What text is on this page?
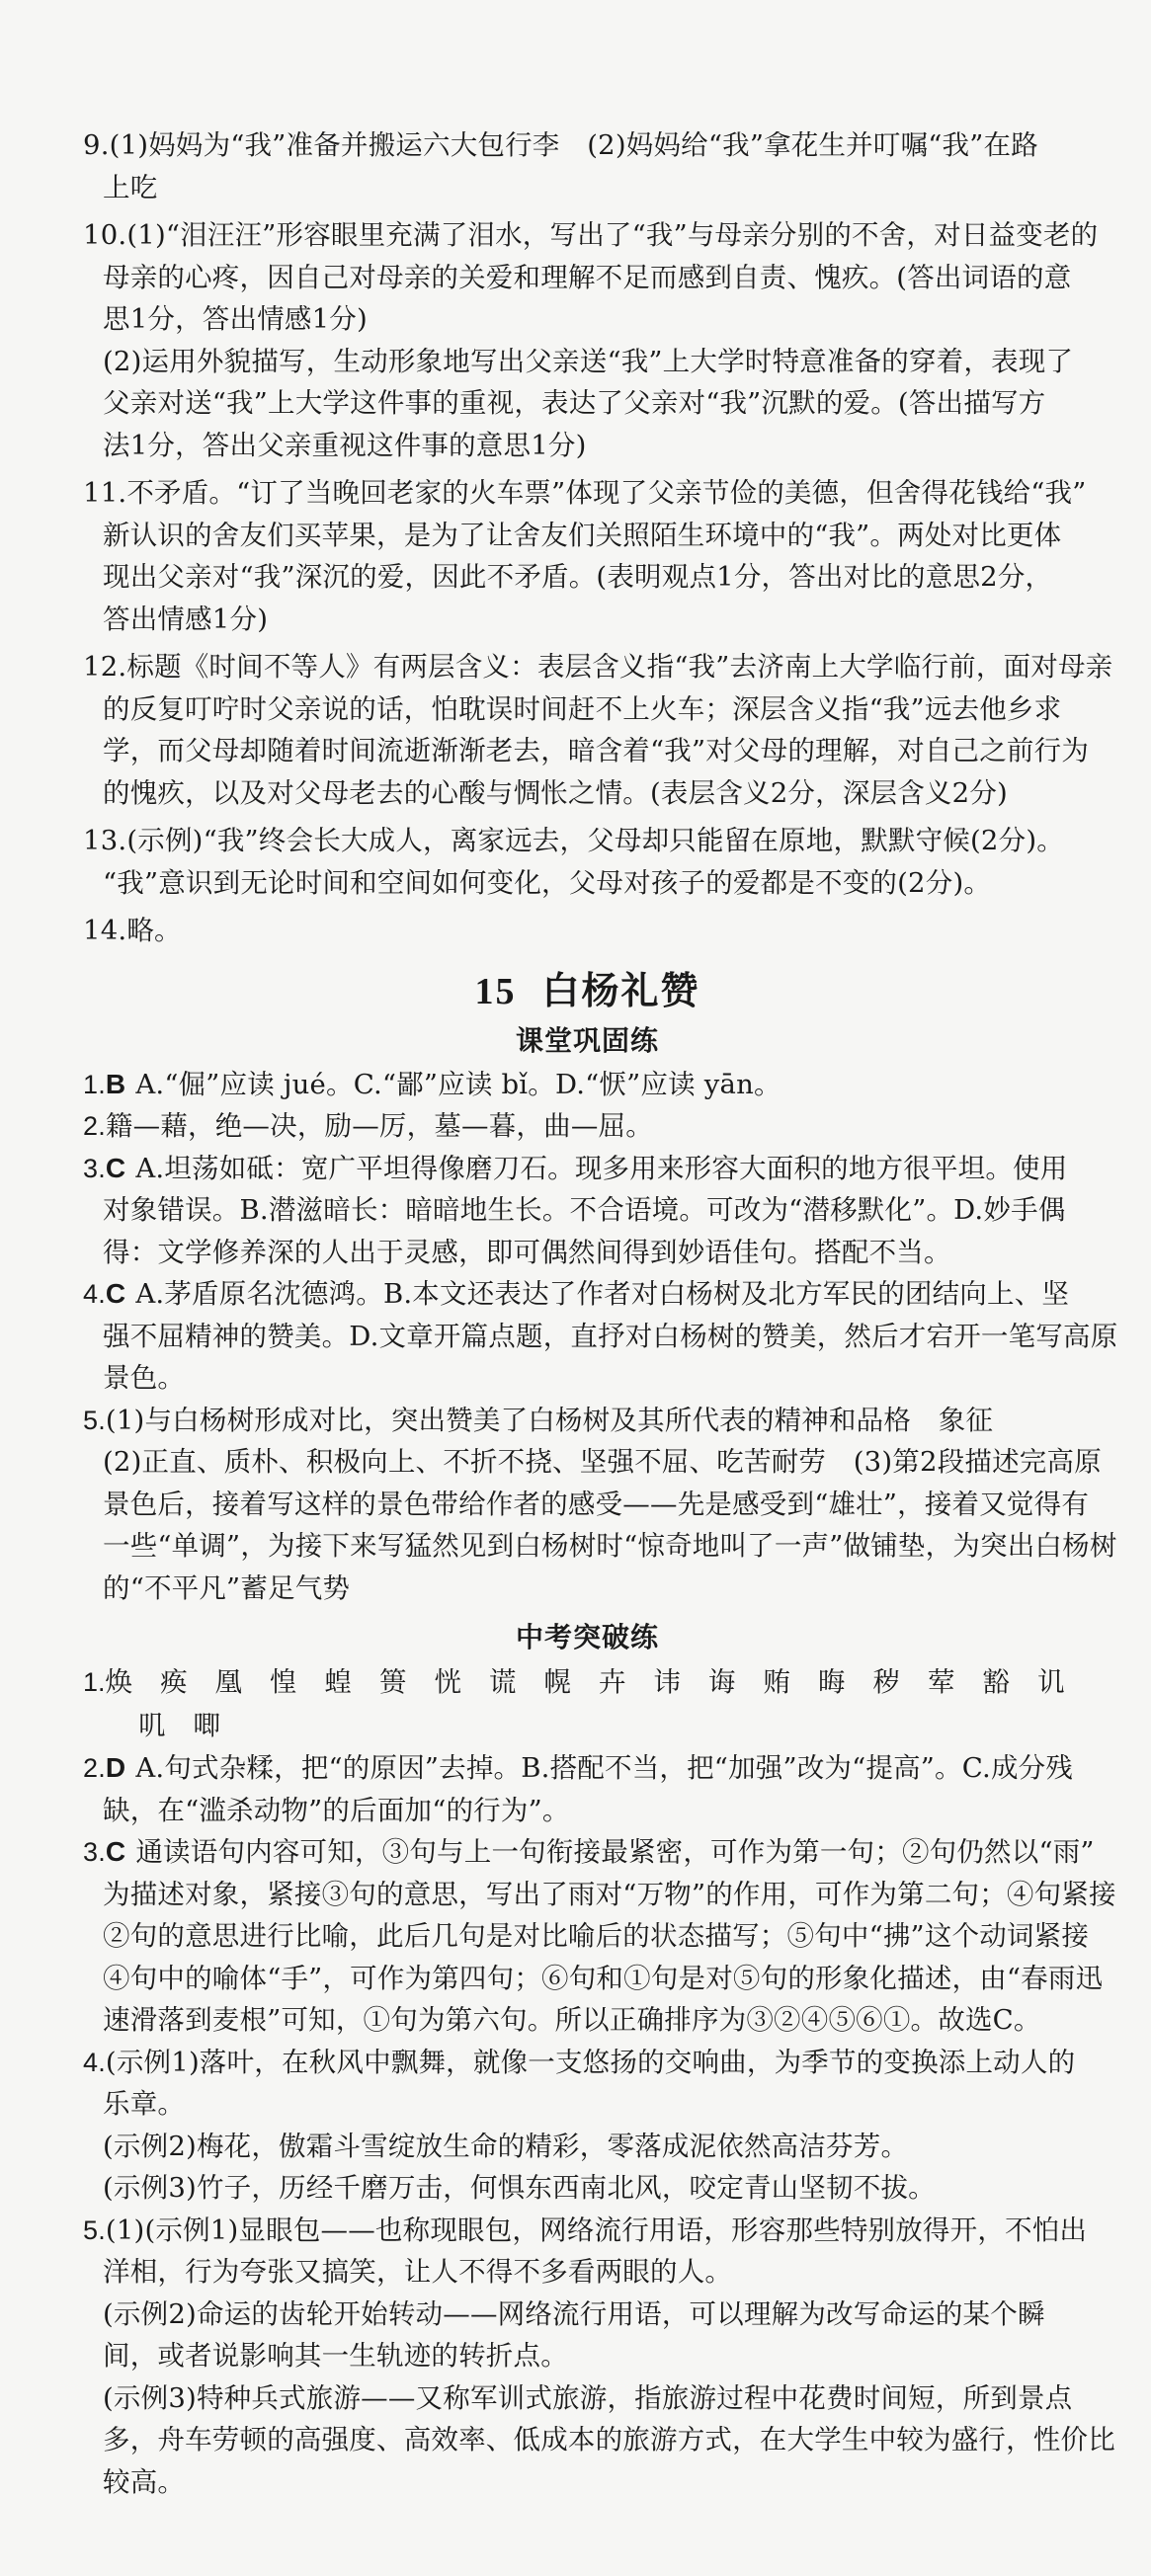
9.(1)妈妈为“我”准备并搬运六大包行李　(2)妈妈给“我”拿花生并叮嘱“我”在路
上吃
10.(1)“泪汪汪”形容眼里充满了泪水，写出了“我”与母亲分别的不舍，对日益变老的
母亲的心疼，因自己对母亲的关爱和理解不足而感到自责、愧疚。(答出词语的意
思1分，答出情感1分)
(2)运用外貌描写，生动形象地写出父亲送“我”上大学时特意准备的穿着，表现了
父亲对送“我”上大学这件事的重视，表达了父亲对“我”沉默的爱。(答出描写方
法1分，答出父亲重视这件事的意思1分)
11.不矛盾。“订了当晚回老家的火车票”体现了父亲节俭的美德，但舍得花钱给“我”
新认识的舍友们买苹果，是为了让舍友们关照陌生环境中的“我”。两处对比更体
现出父亲对“我”深沉的爱，因此不矛盾。(表明观点1分，答出对比的意思2分，
答出情感1分)
12.标题《时间不等人》有两层含义：表层含义指“我”去济南上大学临行前，面对母亲
的反复叮咛时父亲说的话，怕耽误时间赶不上火车；深层含义指“我”远去他乡求
学，而父母却随着时间流逝渐渐老去，暗含着“我”对父母的理解，对自己之前行为
的愧疚，以及对父母老去的心酸与惆怅之情。(表层含义2分，深层含义2分)
13.(示例)“我”终会长大成人，离家远去，父母却只能留在原地，默默守候(2分)。
“我”意识到无论时间和空间如何变化，父母对孩子的爱都是不变的(2分)。
14.略。
15 白杨礼赞
课堂巩固练
1.B A.“倔”应读 jué。C.“鄙”应读 bǐ。D.“恹”应读 yān。
2.籍—藉，绝—决，励—厉，墓—暮，曲—屈。
3.C A.坦荡如砥：宽广平坦得像磨刀石。现多用来形容大面积的地方很平坦。使用
对象错误。B.潜滋暗长：暗暗地生长。不合语境。可改为“潜移默化”。D.妙手偶
得：文学修养深的人出于灵感，即可偶然间得到妙语佳句。搭配不当。
4.C A.茅盾原名沈德鸿。B.本文还表达了作者对白杨树及北方军民的团结向上、坚
强不屈精神的赞美。D.文章开篇点题，直抒对白杨树的赞美，然后才宕开一笔写高原
景色。
5.(1)与白杨树形成对比，突出赞美了白杨树及其所代表的精神和品格　象征
(2)正直、质朴、积极向上、不折不挠、坚强不屈、吃苦耐劳　(3)第2段描述完高原
景色后，接着写这样的景色带给作者的感受——先是感受到“雄壮”，接着又觉得有
一些“单调”，为接下来写猛然见到白杨树时“惊奇地叫了一声”做铺垫，为突出白杨树
的“不平凡”蓄足气势
中考突破练
1.焕 痪 凰 惶 蝗 篑 恍 谎 幌 卉 讳 诲 贿 晦 秽 荤 豁 讥
叽 唧
2.D A.句式杂糅，把“的原因”去掉。B.搭配不当，把“加强”改为“提高”。C.成分残
缺，在“滥杀动物”的后面加“的行为”。
3.C 通读语句内容可知，③句与上一句衔接最紧密，可作为第一句；②句仍然以“雨”
为描述对象，紧接③句的意思，写出了雨对“万物”的作用，可作为第二句；④句紧接
②句的意思进行比喻，此后几句是对比喻后的状态描写；⑤句中“拂”这个动词紧接
④句中的喻体“手”，可作为第四句；⑥句和①句是对⑤句的形象化描述，由“春雨迅
速滑落到麦根”可知，①句为第六句。所以正确排序为③②④⑤⑥①。故选C。
4.(示例1)落叶，在秋风中飘舞，就像一支悠扬的交响曲，为季节的变换添上动人的
乐章。
(示例2)梅花，傲霜斗雪绽放生命的精彩，零落成泥依然高洁芬芳。
(示例3)竹子，历经千磨万击，何惧东西南北风，咬定青山坚韧不拔。
5.(1)(示例1)显眼包——也称现眼包，网络流行用语，形容那些特别放得开，不怕出
洋相，行为夸张又搞笑，让人不得不多看两眼的人。
(示例2)命运的齿轮开始转动——网络流行用语，可以理解为改写命运的某个瞬
间，或者说影响其一生轨迹的转折点。
(示例3)特种兵式旅游——又称军训式旅游，指旅游过程中花费时间短，所到景点
多，舟车劳顿的高强度、高效率、低成本的旅游方式，在大学生中较为盛行，性价比
较高。
